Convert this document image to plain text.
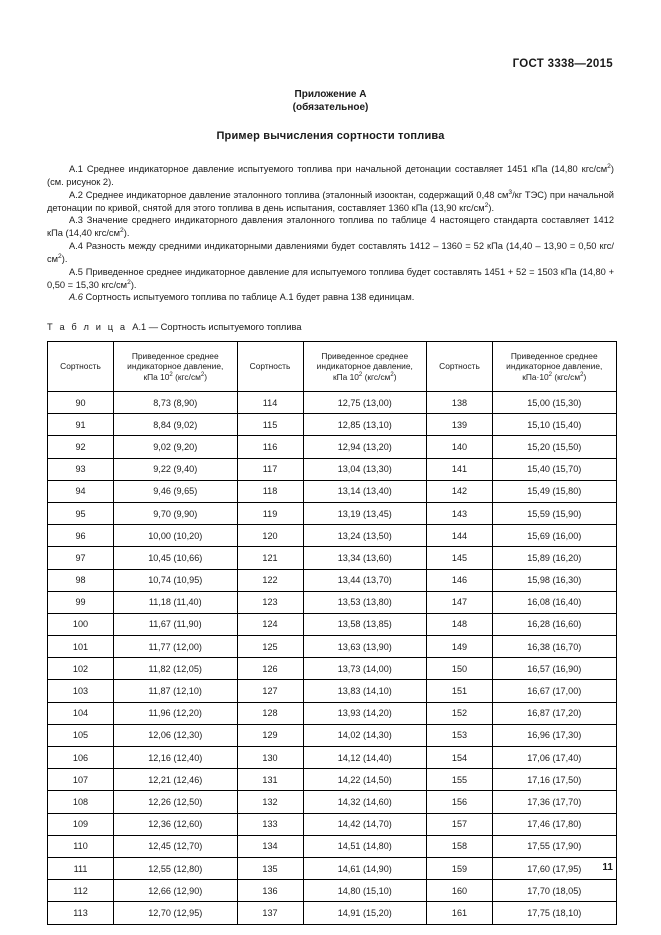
ГОСТ 3338—2015
Приложение А
(обязательное)
Пример вычисления сортности топлива

А.1 Среднее индикаторное давление испытуемого топлива при начальной детонации составляет 1451 кПа (14,80 кгс/$см^2$) (см. рисунок 2).

А.2 Среднее индикаторное давление эталонного топлива (эталонный изооктан, содержащий 0,48 $см^3/кг$ ТЭС) при начальной детонации по кривой, снятой для этого топлива в день испытания, составляет 1360 кПа (13,90 кгс/$см^2$).

А.3 Значение среднего индикаторного давления эталонного топлива по таблице 4 настоящего стандарта составляет 1412 кПа (14,40 кгс/$см^2$).

А.4 Разность между средними индикаторными давлениями будет составлять 1412 – 1360 = 52 кПа (14,40 – 13,90 = 0,50 кгс/$см^2$).

А.5 Приведенное среднее индикаторное давление для испытуемого топлива будет составлять 1451 + 52 = 1503 кПа (14,80 + 0,50 = 15,30 кгс/$см^2$).

А.6 Сортность испытуемого топлива по таблице А.1 будет равна 138 единицам.

Т а б л и ц а А.1 — Сортность испытуемого топлива
Сортность	Приведенное среднее
индикаторное давление,
кПа $10^2$ $(кгс/см^2)$	Сортность	Приведенное среднее
индикаторное давление,
кПа $10^2$ $(кгс/см^2)$	Сортность	Приведенное среднее
индикаторное давление,
$кПа\cdot 10^2$ $(кгс/см^2)$
90	8,73 (8,90)	114	12,75 (13,00)	138	15,00 (15,30)
91	8,84 (9,02)	115	12,85 (13,10)	139	15,10 (15,40)
92	9,02 (9,20)	116	12,94 (13,20)	140	15,20 (15,50)
93	9,22 (9,40)	117	13,04 (13,30)	141	15,40 (15,70)
94	9,46 (9,65)	118	13,14 (13,40)	142	15,49 (15,80)
95	9,70 (9,90)	119	13,19 (13,45)	143	15,59 (15,90)
96	10,00 (10,20)	120	13,24 (13,50)	144	15,69 (16,00)
97	10,45 (10,66)	121	13,34 (13,60)	145	15,89 (16,20)
98	10,74 (10,95)	122	13,44 (13,70)	146	15,98 (16,30)
99	11,18 (11,40)	123	13,53 (13,80)	147	16,08 (16,40)
100	11,67 (11,90)	124	13,58 (13,85)	148	16,28 (16,60)
101	11,77 (12,00)	125	13,63 (13,90)	149	16,38 (16,70)
102	11,82 (12,05)	126	13,73 (14,00)	150	16,57 (16,90)
103	11,87 (12,10)	127	13,83 (14,10)	151	16,67 (17,00)
104	11,96 (12,20)	128	13,93 (14,20)	152	16,87 (17,20)
105	12,06 (12,30)	129	14,02 (14,30)	153	16,96 (17,30)
106	12,16 (12,40)	130	14,12 (14,40)	154	17,06 (17,40)
107	12,21 (12,46)	131	14,22 (14,50)	155	17,16 (17,50)
108	12,26 (12,50)	132	14,32 (14,60)	156	17,36 (17,70)
109	12,36 (12,60)	133	14,42 (14,70)	157	17,46 (17,80)
110	12,45 (12,70)	134	14,51 (14,80)	158	17,55 (17,90)
111	12,55 (12,80)	135	14,61 (14,90)	159	17,60 (17,95)
112	12,66 (12,90)	136	14,80 (15,10)	160	17,70 (18,05)
113	12,70 (12,95)	137	14,91 (15,20)	161	17,75 (18,10)
11
